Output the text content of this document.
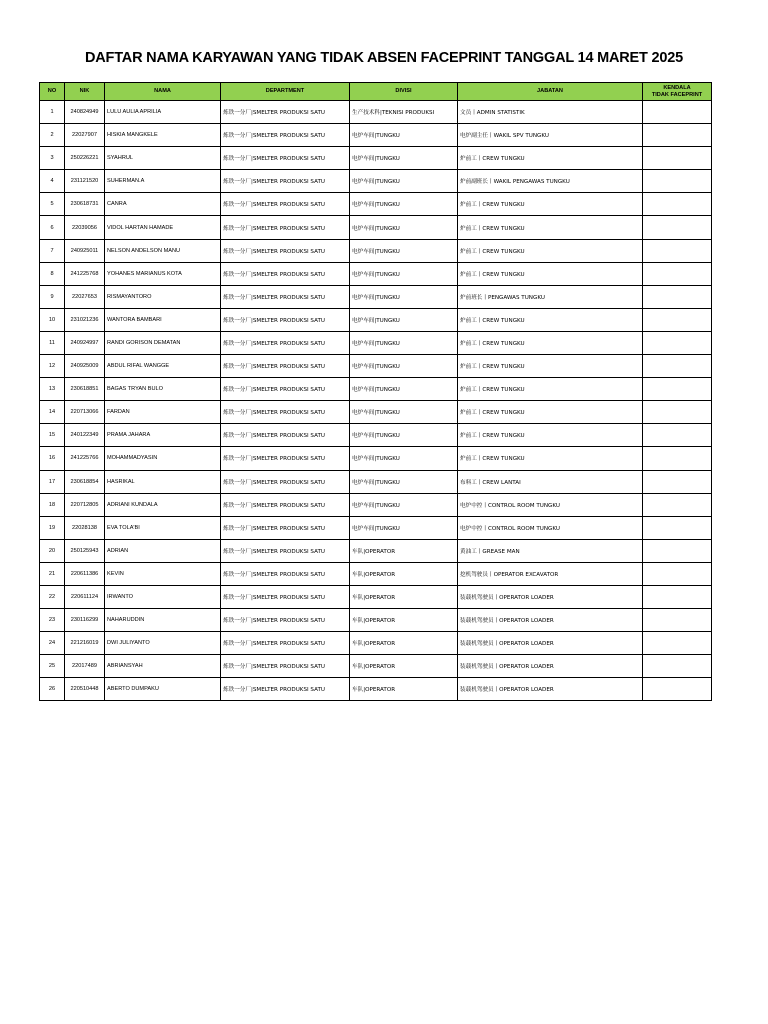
DAFTAR NAMA KARYAWAN YANG TIDAK ABSEN FACEPRINT TANGGAL 14 MARET 2025
NO	NIK	NAMA	DEPARTMENT	DIVISI	JABATAN	KENDALA
TIDAK FACEPRINT
1	240824949	LULU AULIA APRILIA	炼铁一分厂|SMELTER PRODUKSI SATU	生产技术科|TEKNISI PRODUKSI	文员丨ADMIN STATISTIK	
2	22027907	HISKIA MANGKELE	炼铁一分厂|SMELTER PRODUKSI SATU	电炉车间|TUNGKU	电炉副主任丨WAKIL SPV TUNGKU	
3	250226221	SYAHRUL	炼铁一分厂|SMELTER PRODUKSI SATU	电炉车间|TUNGKU	炉前工丨CREW TUNGKU	
4	231121520	SUHERMAN.A	炼铁一分厂|SMELTER PRODUKSI SATU	电炉车间|TUNGKU	炉前副班长丨WAKIL PENGAWAS TUNGKU	
5	230618731	CANRA	炼铁一分厂|SMELTER PRODUKSI SATU	电炉车间|TUNGKU	炉前工丨CREW TUNGKU	
6	22039056	VIDOL HARTAN HAMADE	炼铁一分厂|SMELTER PRODUKSI SATU	电炉车间|TUNGKU	炉前工丨CREW TUNGKU	
7	240925011	NELSON ANDELSON MANU	炼铁一分厂|SMELTER PRODUKSI SATU	电炉车间|TUNGKU	炉前工丨CREW TUNGKU	
8	241225768	YOHANES MARIANUS KOTA	炼铁一分厂|SMELTER PRODUKSI SATU	电炉车间|TUNGKU	炉前工丨CREW TUNGKU	
9	22027653	RISMAYANTORO	炼铁一分厂|SMELTER PRODUKSI SATU	电炉车间|TUNGKU	炉前班长丨PENGAWAS TUNGKU	
10	231021236	WANTORA BAMBARI	炼铁一分厂|SMELTER PRODUKSI SATU	电炉车间|TUNGKU	炉前工丨CREW TUNGKU	
11	240924997	RANDI GORISON DEMATAN	炼铁一分厂|SMELTER PRODUKSI SATU	电炉车间|TUNGKU	炉前工丨CREW TUNGKU	
12	240925009	ABDUL RIFAL WANGGE	炼铁一分厂|SMELTER PRODUKSI SATU	电炉车间|TUNGKU	炉前工丨CREW TUNGKU	
13	230618851	BAGAS TRYAN BULO	炼铁一分厂|SMELTER PRODUKSI SATU	电炉车间|TUNGKU	炉前工丨CREW TUNGKU	
14	220713066	FARDAN	炼铁一分厂|SMELTER PRODUKSI SATU	电炉车间|TUNGKU	炉前工丨CREW TUNGKU	
15	240122349	PRAMA JAHARA	炼铁一分厂|SMELTER PRODUKSI SATU	电炉车间|TUNGKU	炉前工丨CREW TUNGKU	
16	241225766	MOHAMMADYASIN	炼铁一分厂|SMELTER PRODUKSI SATU	电炉车间|TUNGKU	炉前工丨CREW TUNGKU	
17	230618854	HASRIKAL	炼铁一分厂|SMELTER PRODUKSI SATU	电炉车间|TUNGKU	布料工丨CREW LANTAI	
18	220712805	ADRIANI KUNDALA	炼铁一分厂|SMELTER PRODUKSI SATU	电炉车间|TUNGKU	电炉中控丨CONTROL ROOM TUNGKU	
19	22028138	EVA TOLA'BI	炼铁一分厂|SMELTER PRODUKSI SATU	电炉车间|TUNGKU	电炉中控丨CONTROL ROOM TUNGKU	
20	250125943	ADRIAN	炼铁一分厂|SMELTER PRODUKSI SATU	车队|OPERATOR	黄油工丨GREASE MAN	
21	220611386	KEVIN	炼铁一分厂|SMELTER PRODUKSI SATU	车队|OPERATOR	挖机驾驶员丨OPERATOR EXCAVATOR	
22	220611124	IRWANTO	炼铁一分厂|SMELTER PRODUKSI SATU	车队|OPERATOR	装载机驾驶员丨OPERATOR LOADER	
23	230116299	NAHARUDDIN	炼铁一分厂|SMELTER PRODUKSI SATU	车队|OPERATOR	装载机驾驶员丨OPERATOR LOADER	
24	221216019	DWI JULIYANTO	炼铁一分厂|SMELTER PRODUKSI SATU	车队|OPERATOR	装载机驾驶员丨OPERATOR LOADER	
25	22017489	ABRIANSYAH	炼铁一分厂|SMELTER PRODUKSI SATU	车队|OPERATOR	装载机驾驶员丨OPERATOR LOADER	
26	220510448	ABERTO DUMPAKU	炼铁一分厂|SMELTER PRODUKSI SATU	车队|OPERATOR	装载机驾驶员丨OPERATOR LOADER	
